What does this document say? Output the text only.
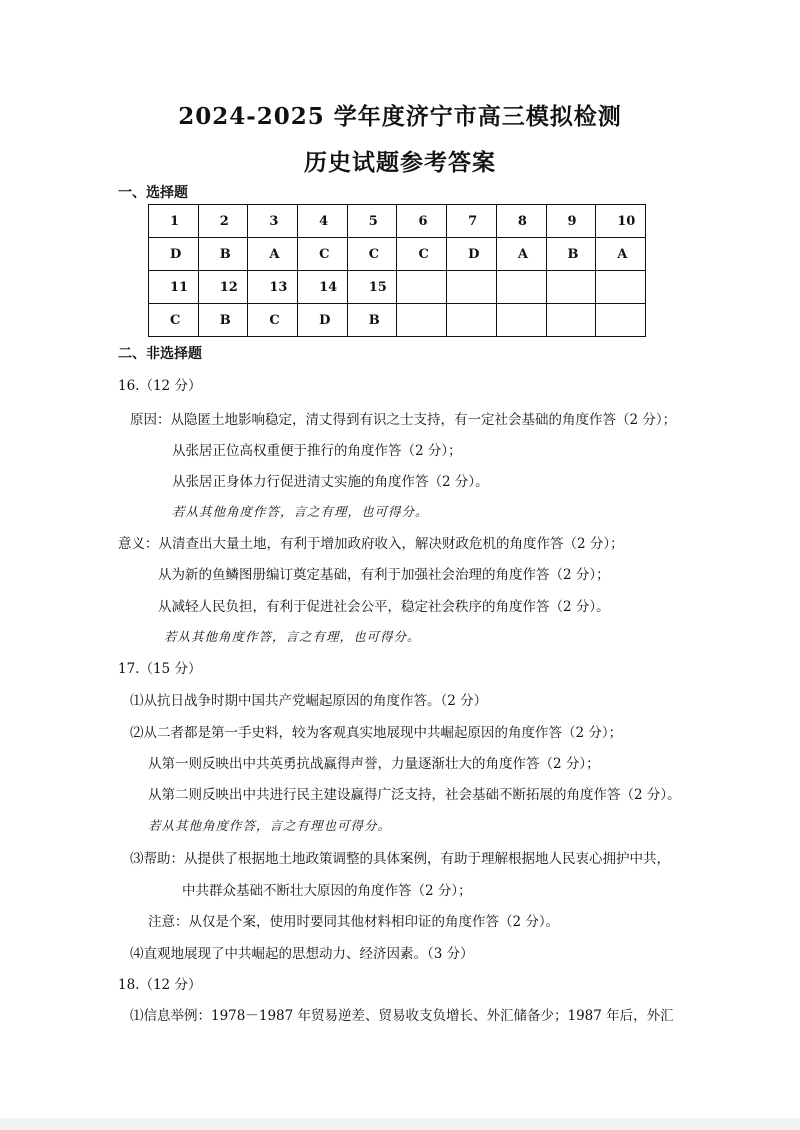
2024-2025 学年度济宁市高三模拟检测
历史试题参考答案
一、选择题
1	2	3	4	5	6	7	8	9	10
D	B	A	C	C	C	D	A	B	A
11	12	13	14	15					
C	B	C	D	B					
二、非选择题
16.（12 分）
原因：从隐匿土地影响稳定，清丈得到有识之士支持，有一定社会基础的角度作答（2 分）；
从张居正位高权重便于推行的角度作答（2 分）；
从张居正身体力行促进清丈实施的角度作答（2 分）。
若从其他角度作答，言之有理，也可得分。
意义：从清查出大量土地，有利于增加政府收入，解决财政危机的角度作答（2 分）；
从为新的鱼鳞图册编订奠定基础，有利于加强社会治理的角度作答（2 分）；
从减轻人民负担，有利于促进社会公平，稳定社会秩序的角度作答（2 分）。
若从其他角度作答，言之有理，也可得分。
17.（15 分）
⑴从抗日战争时期中国共产党崛起原因的角度作答。（2 分）
⑵从二者都是第一手史料，较为客观真实地展现中共崛起原因的角度作答（2 分）；
从第一则反映出中共英勇抗战赢得声誉，力量逐渐壮大的角度作答（2 分）；
从第二则反映出中共进行民主建设赢得广泛支持，社会基础不断拓展的角度作答（2 分）。
若从其他角度作答，言之有理也可得分。
⑶帮助：从提供了根据地土地政策调整的具体案例，有助于理解根据地人民衷心拥护中共，
中共群众基础不断壮大原因的角度作答（2 分）；
注意：从仅是个案，使用时要同其他材料相印证的角度作答（2 分）。
⑷直观地展现了中共崛起的思想动力、经济因素。（3 分）
18.（12 分）
⑴信息举例：1978－1987 年贸易逆差、贸易收支负增长、外汇储备少；1987 年后，外汇
